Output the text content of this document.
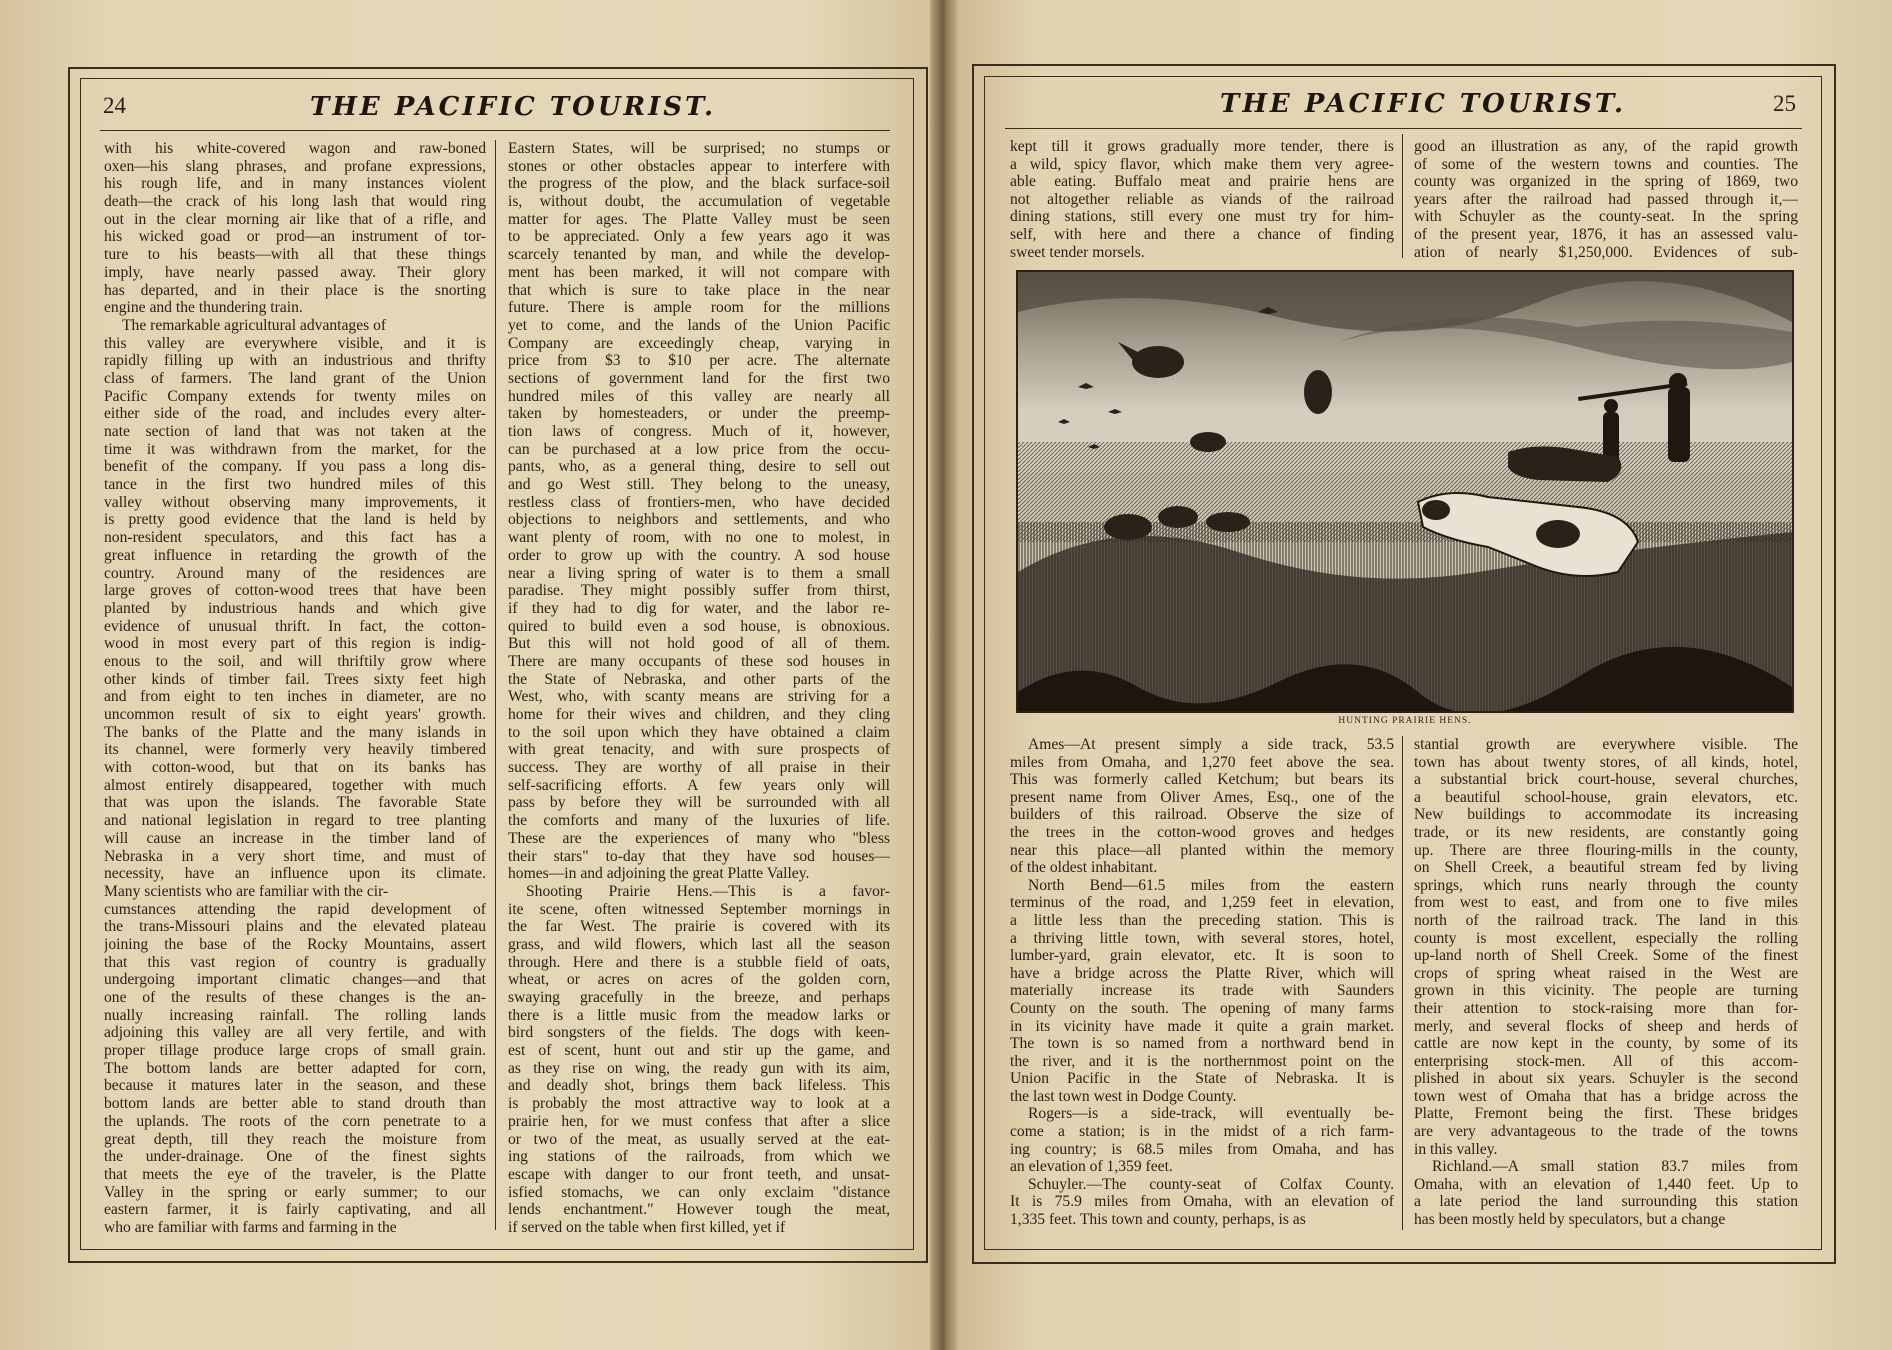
24	THE PACIFIC TOURIST.
with his white-covered wagon and raw-boned
oxen—his slang phrases, and profane expressions,
his rough life, and in many instances violent
death—the crack of his long lash that would ring
out in the clear morning air like that of a rifle, and
his wicked goad or prod—an instrument of tor-
ture to his beasts—with all that these things
imply, have nearly passed away. Their glory
has departed, and in their place is the snorting
engine and the thundering train.
The remarkable agricultural advantages of
this valley are everywhere visible, and it is
rapidly filling up with an industrious and thrifty
class of farmers. The land grant of the Union
Pacific Company extends for twenty miles on
either side of the road, and includes every alter-
nate section of land that was not taken at the
time it was withdrawn from the market, for the
benefit of the company. If you pass a long dis-
tance in the first two hundred miles of this
valley without observing many improvements, it
is pretty good evidence that the land is held by
non-resident speculators, and this fact has a
great influence in retarding the growth of the
country. Around many of the residences are
large groves of cotton-wood trees that have been
planted by industrious hands and which give
evidence of unusual thrift. In fact, the cotton-
wood in most every part of this region is indig-
enous to the soil, and will thriftily grow where
other kinds of timber fail. Trees sixty feet high
and from eight to ten inches in diameter, are no
uncommon result of six to eight years' growth.
The banks of the Platte and the many islands in
its channel, were formerly very heavily timbered
with cotton-wood, but that on its banks has
almost entirely disappeared, together with much
that was upon the islands. The favorable State
and national legislation in regard to tree planting
will cause an increase in the timber land of
Nebraska in a very short time, and must of
necessity, have an influence upon its climate.
Many scientists who are familiar with the cir-
cumstances attending the rapid development of
the trans-Missouri plains and the elevated plateau
joining the base of the Rocky Mountains, assert
that this vast region of country is gradually
undergoing important climatic changes—and that
one of the results of these changes is the an-
nually increasing rainfall. The rolling lands
adjoining this valley are all very fertile, and with
proper tillage produce large crops of small grain.
The bottom lands are better adapted for corn,
because it matures later in the season, and these
bottom lands are better able to stand drouth than
the uplands. The roots of the corn penetrate to a
great depth, till they reach the moisture from
the under-drainage. One of the finest sights
that meets the eye of the traveler, is the Platte
Valley in the spring or early summer; to our
eastern farmer, it is fairly captivating, and all
who are familiar with farms and farming in the
Eastern States, will be surprised; no stumps or
stones or other obstacles appear to interfere with
the progress of the plow, and the black surface-soil
is, without doubt, the accumulation of vegetable
matter for ages. The Platte Valley must be seen
to be appreciated. Only a few years ago it was
scarcely tenanted by man, and while the develop-
ment has been marked, it will not compare with
that which is sure to take place in the near
future. There is ample room for the millions
yet to come, and the lands of the Union Pacific
Company are exceedingly cheap, varying in
price from $3 to $10 per acre. The alternate
sections of government land for the first two
hundred miles of this valley are nearly all
taken by homesteaders, or under the preemp-
tion laws of congress. Much of it, however,
can be purchased at a low price from the occu-
pants, who, as a general thing, desire to sell out
and go West still. They belong to the uneasy,
restless class of frontiers-men, who have decided
objections to neighbors and settlements, and who
want plenty of room, with no one to molest, in
order to grow up with the country. A sod house
near a living spring of water is to them a small
paradise. They might possibly suffer from thirst,
if they had to dig for water, and the labor re-
quired to build even a sod house, is obnoxious.
But this will not hold good of all of them.
There are many occupants of these sod houses in
the State of Nebraska, and other parts of the
West, who, with scanty means are striving for a
home for their wives and children, and they cling
to the soil upon which they have obtained a claim
with great tenacity, and with sure prospects of
success. They are worthy of all praise in their
self-sacrificing efforts. A few years only will
pass by before they will be surrounded with all
the comforts and many of the luxuries of life.
These are the experiences of many who "bless
their stars" to-day that they have sod houses—
homes—in and adjoining the great Platte Valley.
Shooting Prairie Hens.—This is a favor-
ite scene, often witnessed September mornings in
the far West. The prairie is covered with its
grass, and wild flowers, which last all the season
through. Here and there is a stubble field of oats,
wheat, or acres on acres of the golden corn,
swaying gracefully in the breeze, and perhaps
there is a little music from the meadow larks or
bird songsters of the fields. The dogs with keen-
est of scent, hunt out and stir up the game, and
as they rise on wing, the ready gun with its aim,
and deadly shot, brings them back lifeless. This
is probably the most attractive way to look at a
prairie hen, for we must confess that after a slice
or two of the meat, as usually served at the eat-
ing stations of the railroads, from which we
escape with danger to our front teeth, and unsat-
isfied stomachs, we can only exclaim "distance
lends enchantment." However tough the meat,
if served on the table when first killed, yet if
THE PACIFIC TOURIST.	25
kept till it grows gradually more tender, there is
a wild, spicy flavor, which make them very agree-
able eating. Buffalo meat and prairie hens are
not altogether reliable as viands of the railroad
dining stations, still every one must try for him-
self, with here and there a chance of finding
sweet tender morsels.
good an illustration as any, of the rapid growth
of some of the western towns and counties. The
county was organized in the spring of 1869, two
years after the railroad had passed through it,—
with Schuyler as the county-seat. In the spring
of the present year, 1876, it has an assessed valu-
ation of nearly $1,250,000. Evidences of sub-
HUNTING PRAIRIE HENS.
Ames—At present simply a side track, 53.5
miles from Omaha, and 1,270 feet above the sea.
This was formerly called Ketchum; but bears its
present name from Oliver Ames, Esq., one of the
builders of this railroad. Observe the size of
the trees in the cotton-wood groves and hedges
near this place—all planted within the memory
of the oldest inhabitant.
North Bend—61.5 miles from the eastern
terminus of the road, and 1,259 feet in elevation,
a little less than the preceding station. This is
a thriving little town, with several stores, hotel,
lumber-yard, grain elevator, etc. It is soon to
have a bridge across the Platte River, which will
materially increase its trade with Saunders
County on the south. The opening of many farms
in its vicinity have made it quite a grain market.
The town is so named from a northward bend in
the river, and it is the northernmost point on the
Union Pacific in the State of Nebraska. It is
the last town west in Dodge County.
Rogers—is a side-track, will eventually be-
come a station; is in the midst of a rich farm-
ing country; is 68.5 miles from Omaha, and has
an elevation of 1,359 feet.
Schuyler.—The county-seat of Colfax County.
It is 75.9 miles from Omaha, with an elevation of
1,335 feet. This town and county, perhaps, is as
stantial growth are everywhere visible. The
town has about twenty stores, of all kinds, hotel,
a substantial brick court-house, several churches,
a beautiful school-house, grain elevators, etc.
New buildings to accommodate its increasing
trade, or its new residents, are constantly going
up. There are three flouring-mills in the county,
on Shell Creek, a beautiful stream fed by living
springs, which runs nearly through the county
from west to east, and from one to five miles
north of the railroad track. The land in this
county is most excellent, especially the rolling
up-land north of Shell Creek. Some of the finest
crops of spring wheat raised in the West are
grown in this vicinity. The people are turning
their attention to stock-raising more than for-
merly, and several flocks of sheep and herds of
cattle are now kept in the county, by some of its
enterprising stock-men. All of this accom-
plished in about six years. Schuyler is the second
town west of Omaha that has a bridge across the
Platte, Fremont being the first. These bridges
are very advantageous to the trade of the towns
in this valley.
Richland.—A small station 83.7 miles from
Omaha, with an elevation of 1,440 feet. Up to
a late period the land surrounding this station
has been mostly held by speculators, but a change
